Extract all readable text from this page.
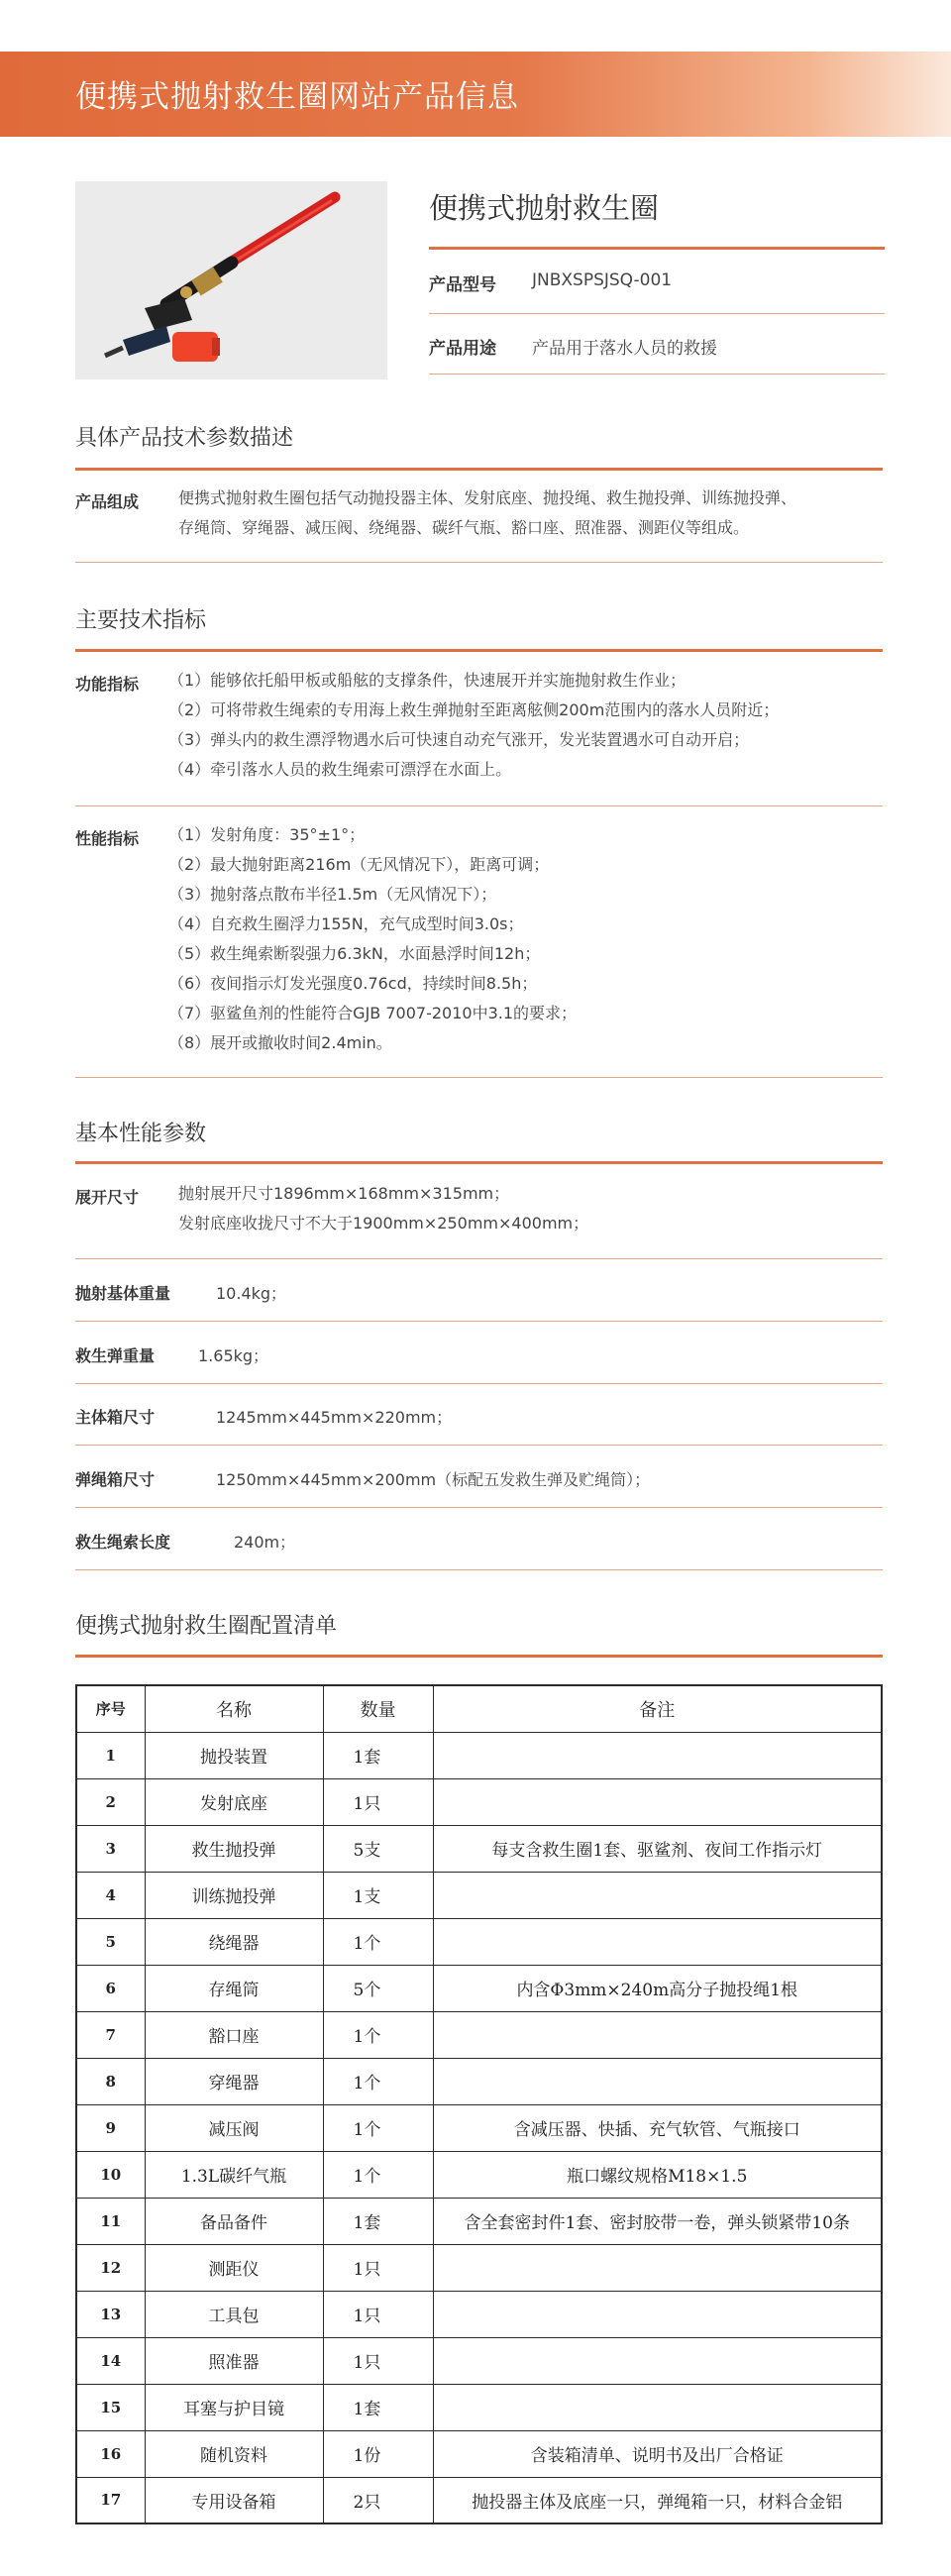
便携式抛射救生圈网站产品信息
便携式抛射救生圈
产品型号 JNBXSPSJSQ-001
产品用途 产品用于落水人员的救援
具体产品技术参数描述
产品组成 便携式抛射救生圈包括气动抛投器主体、发射底座、抛投绳、救生抛投弹、训练抛投弹、
存绳筒、穿绳器、减压阀、绕绳器、碳纤气瓶、豁口座、照准器、测距仪等组成。
主要技术指标
功能指标 （1）能够依托船甲板或船舷的支撑条件，快速展开并实施抛射救生作业；
（2）可将带救生绳索的专用海上救生弹抛射至距离舷侧200m范围内的落水人员附近；
（3）弹头内的救生漂浮物遇水后可快速自动充气涨开，发光装置遇水可自动开启；
（4）牵引落水人员的救生绳索可漂浮在水面上。
性能指标 （1）发射角度：35°±1°；
（2）最大抛射距离216m（无风情况下），距离可调；
（3）抛射落点散布半径1.5m（无风情况下）；
（4）自充救生圈浮力155N，充气成型时间3.0s；
（5）救生绳索断裂强力6.3kN，水面悬浮时间12h；
（6）夜间指示灯发光强度0.76cd，持续时间8.5h；
（7）驱鲨鱼剂的性能符合GJB 7007-2010中3.1的要求；
（8）展开或撤收时间2.4min。
基本性能参数
展开尺寸 抛射展开尺寸1896mm×168mm×315mm；
发射底座收拢尺寸不大于1900mm×250mm×400mm；
抛射基体重量	10.4kg；
救生弹重量	1.65kg；
主体箱尺寸	1245mm×445mm×220mm；
弹绳箱尺寸	1250mm×445mm×200mm（标配五发救生弹及贮绳筒）；
救生绳索长度	240m；
便携式抛射救生圈配置清单
序号	名称	数量	备注
1	抛投装置	1套	
2	发射底座	1只	
3	救生抛投弹	5支	每支含救生圈1套、驱鲨剂、夜间工作指示灯
4	训练抛投弹	1支	
5	绕绳器	1个	
6	存绳筒	5个	内含Φ3mm×240m高分子抛投绳1根
7	豁口座	1个	
8	穿绳器	1个	
9	减压阀	1个	含减压器、快插、充气软管、气瓶接口
10	1.3L碳纤气瓶	1个	瓶口螺纹规格M18×1.5
11	备品备件	1套	含全套密封件1套、密封胶带一卷，弹头锁紧带10条
12	测距仪	1只	
13	工具包	1只	
14	照准器	1只	
15	耳塞与护目镜	1套	
16	随机资料	1份	含装箱清单、说明书及出厂合格证
17	专用设备箱	2只	抛投器主体及底座一只，弹绳箱一只，材料合金铝
